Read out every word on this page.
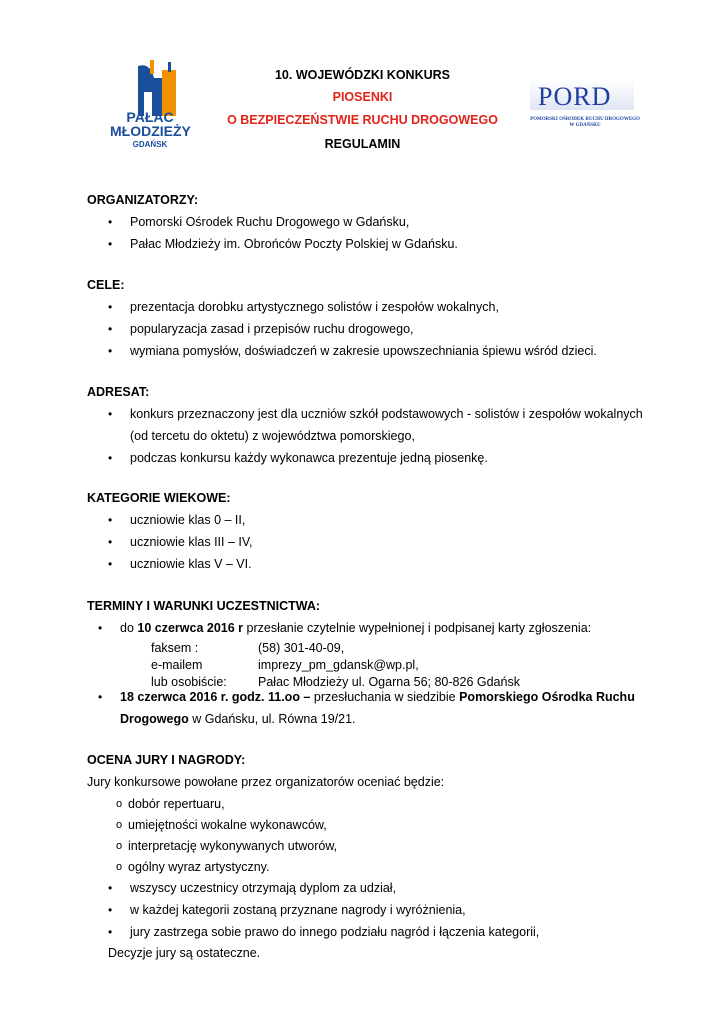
PAŁAC
MŁODZIEŻY
GDAŃSK
10. WOJEWÓDZKI KONKURS
PIOSENKI
O BEZPIECZEŃSTWIE RUCHU DROGOWEGO
REGULAMIN
PORD
POMORSKI OŚRODEK RUCHU DROGOWEGO
W GDAŃSKU
ORGANIZATORZY:
• Pomorski Ośrodek Ruchu Drogowego w Gdańsku,
• Pałac Młodzieży im. Obrońców Poczty Polskiej w Gdańsku.
CELE:
• prezentacja dorobku artystycznego solistów i zespołów wokalnych,
• popularyzacja zasad i przepisów ruchu drogowego,
• wymiana pomysłów, doświadczeń w zakresie upowszechniania śpiewu wśród dzieci.
ADRESAT:
• konkurs przeznaczony jest dla uczniów szkół podstawowych - solistów i zespołów wokalnych
(od tercetu do oktetu) z województwa pomorskiego,
• podczas konkursu każdy wykonawca prezentuje jedną piosenkę.
KATEGORIE WIEKOWE:
• uczniowie klas 0 – II,
• uczniowie klas III – IV,
• uczniowie klas V – VI.
TERMINY I WARUNKI UCZESTNICTWA:
• do 10 czerwca 2016 r przesłanie czytelnie wypełnionej i podpisanej karty zgłoszenia:
faksem :	(58) 301-40-09,
e-mailem	imprezy_pm_gdansk@wp.pl,
lub osobiście:	Pałac Młodzieży ul. Ogarna 56; 80-826 Gdańsk
• 18 czerwca 2016 r. godz. 11.oo – przesłuchania w siedzibie Pomorskiego Ośrodka Ruchu
Drogowego w Gdańsku, ul. Równa 19/21.
OCENA JURY I NAGRODY:
Jury konkursowe powołane przez organizatorów oceniać będzie:
o dobór repertuaru,
o umiejętności wokalne wykonawców,
o interpretację wykonywanych utworów,
o ogólny wyraz artystyczny.
• wszyscy uczestnicy otrzymają dyplom za udział,
• w każdej kategorii zostaną przyznane nagrody i wyróżnienia,
• jury zastrzega sobie prawo do innego podziału nagród i łączenia kategorii,
Decyzje jury są ostateczne.
